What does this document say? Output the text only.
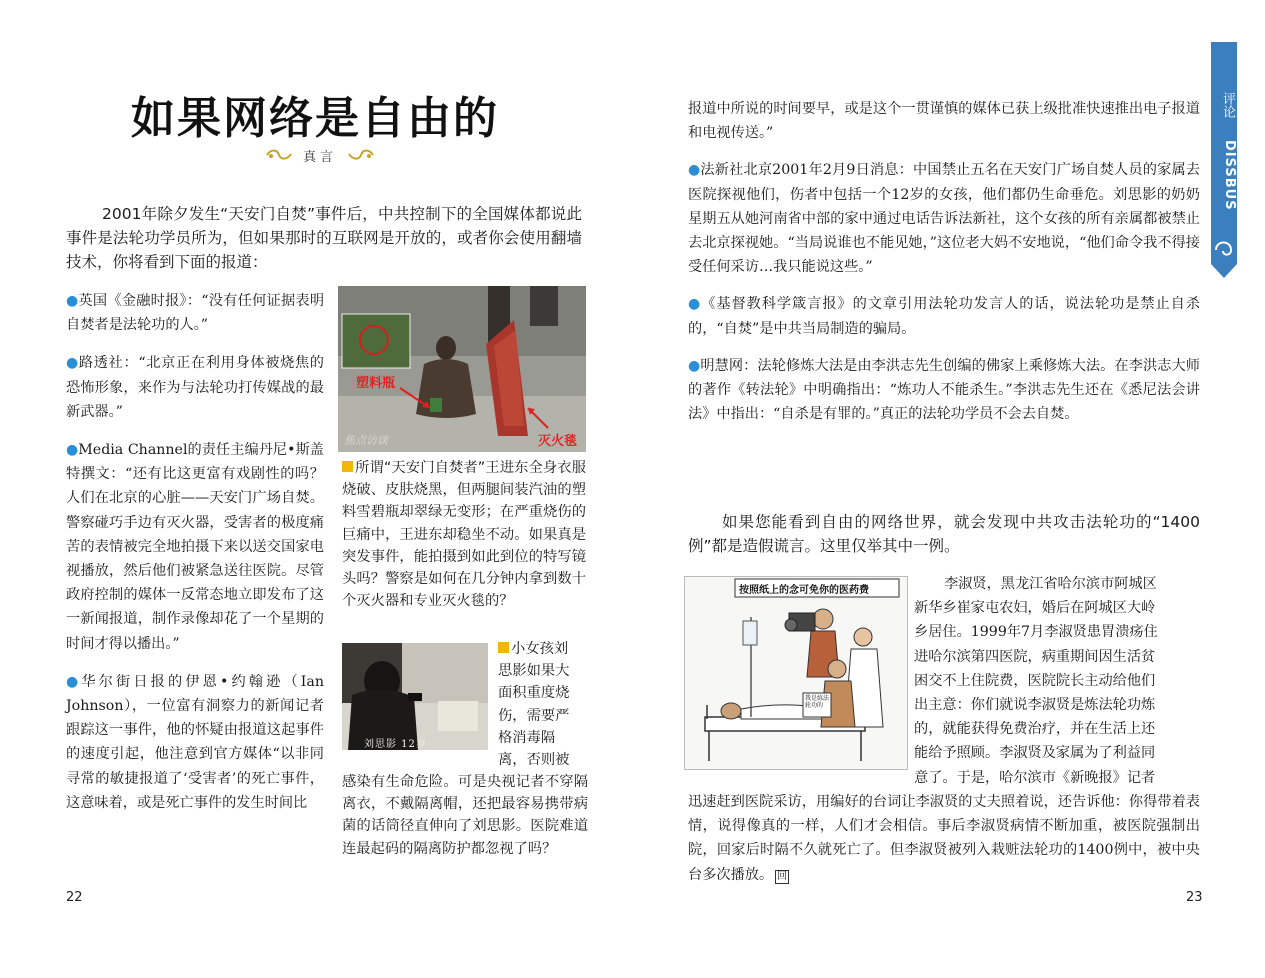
如果网络是自由的
真言
2001年除夕发生“天安门自焚”事件后，中共控制下的全国媒体都说此事件是法轮功学员所为，但如果那时的互联网是开放的，或者你会使用翻墙技术，你将看到下面的报道：

●英国《金融时报》：“没有任何证据表明自焚者是法轮功的人。”

●路透社：“北京正在利用身体被烧焦的恐怖形象，来作为与法轮功打传媒战的最新武器。”

●Media Channel的责任主编丹尼•斯盖特撰文：“还有比这更富有戏剧性的吗？人们在北京的心脏——天安门广场自焚。警察碰巧手边有灭火器，受害者的极度痛苦的表情被完全地拍摄下来以送交国家电视播放，然后他们被紧急送往医院。尽管政府控制的媒体一反常态地立即发布了这一新闻报道，制作录像却花了一个星期的时间才得以播出。”

●华尔街日报的伊恩•约翰逊（Ian Johnson），一位富有洞察力的新闻记者跟踪这一事件，他的怀疑由报道这起事件的速度引起，他注意到官方媒体“以非同寻常的敏捷报道了‘受害者’的死亡事件，这意味着，或是死亡事件的发生时间比

塑料瓶
灭火毯
焦点访谈
所谓“天安门自焚者”王进东全身衣服烧破、皮肤烧黑，但两腿间装汽油的塑料雪碧瓶却翠绿无变形；在严重烧伤的巨痛中，王进东却稳坐不动。如果真是突发事件，能拍摄到如此到位的特写镜头吗？警察是如何在几分钟内拿到数十个灭火器和专业灭火毯的？
刘思影 12岁
小女孩刘
思影如果大
面积重度烧
伤，需要严
格消毒隔
离，否则被
感染有生命危险。可是央视记者不穿隔离衣，不戴隔离帽，还把最容易携带病菌的话筒径直伸向了刘思影。医院难道连最起码的隔离防护都忽视了吗？
22
评论
DISSBUS

报道中所说的时间要早，或是这个一贯谨慎的媒体已获上级批准快速推出电子报道和电视传送。”

●法新社北京2001年2月9日消息：中国禁止五名在天安门广场自焚人员的家属去医院探视他们，伤者中包括一个12岁的女孩，他们都仍生命垂危。刘思影的奶奶星期五从她河南省中部的家中通过电话告诉法新社，这个女孩的所有亲属都被禁止去北京探视她。“当局说谁也不能见她，”这位老大妈不安地说，“他们命令我不得接受任何采访…我只能说这些。”

●《基督教科学箴言报》的文章引用法轮功发言人的话，说法轮功是禁止自杀的，“自焚”是中共当局制造的骗局。

●明慧网：法轮修炼大法是由李洪志先生创编的佛家上乘修炼大法。在李洪志大师的著作《转法轮》中明确指出：“炼功人不能杀生。”李洪志先生还在《悉尼法会讲法》中指出：“自杀是有罪的。”真正的法轮功学员不会去自焚。

如果您能看到自由的网络世界，就会发现中共攻击法轮功的“1400例”都是造假谎言。这里仅举其中一例。
按照纸上的念可免你的医药费
我是练法轮功的
李淑贤，黑龙江省哈尔滨市阿城区
新华乡崔家屯农妇，婚后在阿城区大岭
乡居住。1999年7月李淑贤患胃溃疡住
进哈尔滨第四医院，病重期间因生活贫
困交不上住院费，医院院长主动给他们
出主意：你们就说李淑贤是炼法轮功炼
的，就能获得免费治疗，并在生活上还
能给予照顾。李淑贤及家属为了利益同
意了。于是，哈尔滨市《新晚报》记者
迅速赶到医院采访，用编好的台词让李淑贤的丈夫照着说，还告诉他：你得带着表情，说得像真的一样，人们才会相信。事后李淑贤病情不断加重，被医院强制出院，回家后时隔不久就死亡了。但李淑贤被列入栽赃法轮功的1400例中，被中央台多次播放。 回
23
